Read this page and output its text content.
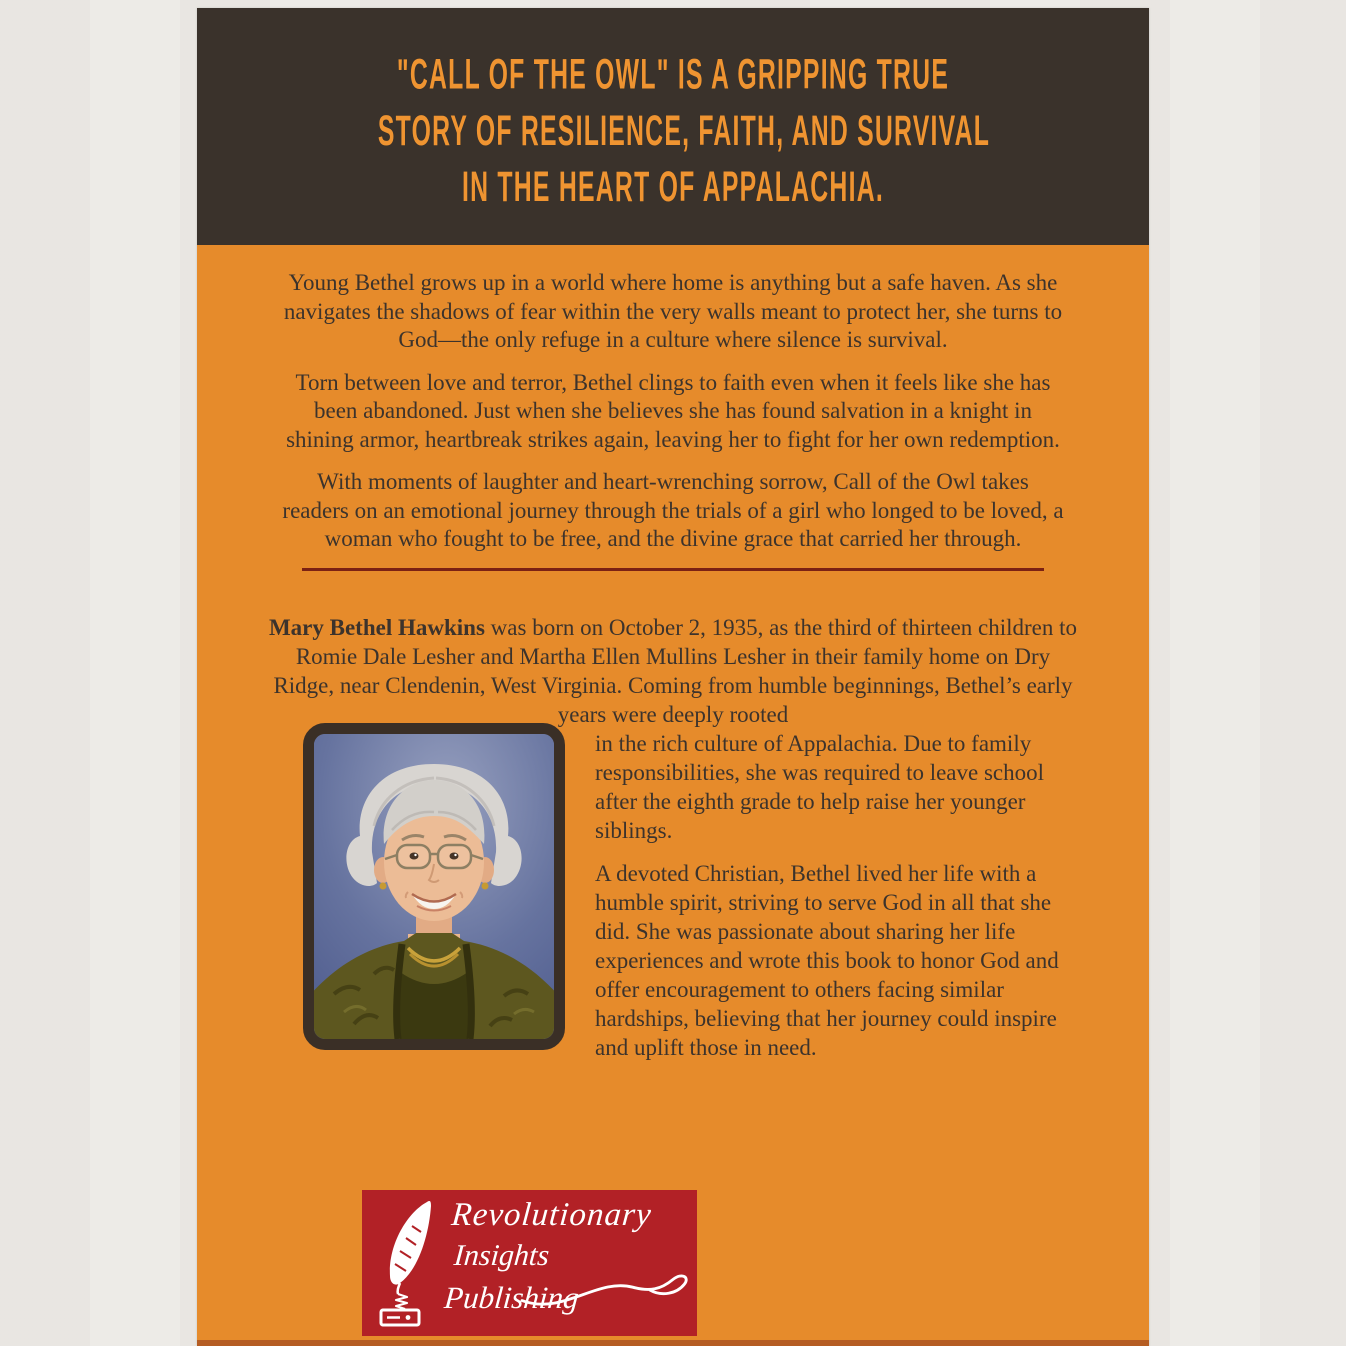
"CALL OF THE OWL" IS A GRIPPING TRUE
STORY OF RESILIENCE, FAITH, AND SURVIVAL
IN THE HEART OF APPALACHIA.

Young Bethel grows up in a world where home is anything but a safe haven. As she navigates the shadows of fear within the very walls meant to protect her, she turns to God—the only refuge in a culture where silence is survival.

Torn between love and terror, Bethel clings to faith even when it feels like she has been abandoned. Just when she believes she has found salvation in a knight in shining armor, heartbreak strikes again, leaving her to fight for her own redemption.

With moments of laughter and heart-wrenching sorrow, Call of the Owl takes readers on an emotional journey through the trials of a girl who longed to be loved, a woman who fought to be free, and the divine grace that carried her through.

Mary Bethel Hawkins was born on October 2, 1935, as the third of thirteen children to Romie Dale Lesher and Martha Ellen Mullins Lesher in their family home on Dry Ridge, near Clendenin, West Virginia. Coming from humble beginnings, Bethel’s early years were deeply rooted

in the rich culture of Appalachia. Due to family responsibilities, she was required to leave school after the eighth grade to help raise her younger siblings.

A devoted Christian, Bethel lived her life with a humble spirit, striving to serve God in all that she did. She was passionate about sharing her life experiences and wrote this book to honor God and offer encouragement to others facing similar hardships, believing that her journey could inspire and uplift those in need.

Revolutionary
Insights
Publishing
